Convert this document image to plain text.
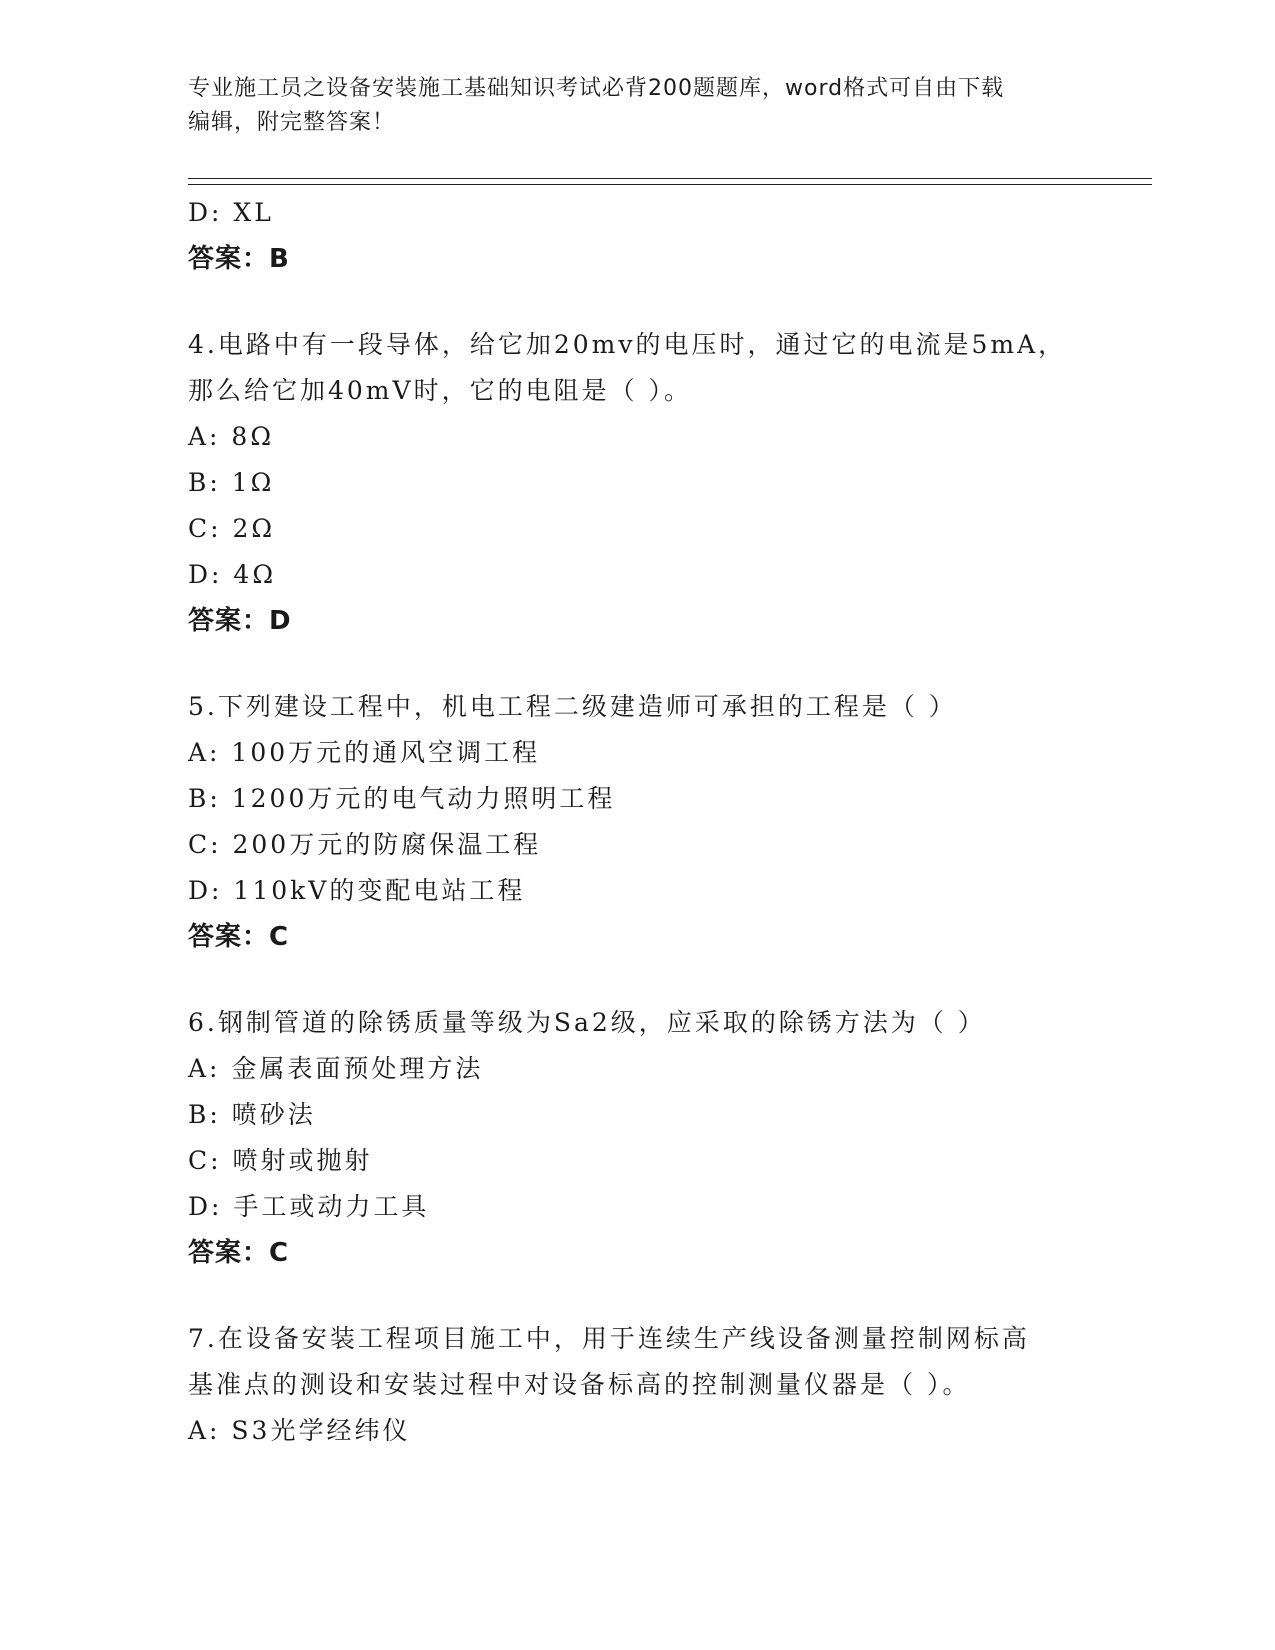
专业施工员之设备安装施工基础知识考试必背200题题库，word格式可自由下载
编辑，附完整答案！
D: XL
答案：B
4.电路中有一段导体，给它加20mv的电压时，通过它的电流是5mA，
那么给它加40mV时，它的电阻是（ ）。
A: 8Ω
B: 1Ω
C: 2Ω
D: 4Ω
答案：D
5.下列建设工程中，机电工程二级建造师可承担的工程是（ ）
A: 100万元的通风空调工程
B: 1200万元的电气动力照明工程
C: 200万元的防腐保温工程
D: 110kV的变配电站工程
答案：C
6.钢制管道的除锈质量等级为Sa2级，应采取的除锈方法为（ ）
A: 金属表面预处理方法
B: 喷砂法
C: 喷射或抛射
D: 手工或动力工具
答案：C
7.在设备安装工程项目施工中，用于连续生产线设备测量控制网标高
基准点的测设和安装过程中对设备标高的控制测量仪器是（ ）。
A: S3光学经纬仪
